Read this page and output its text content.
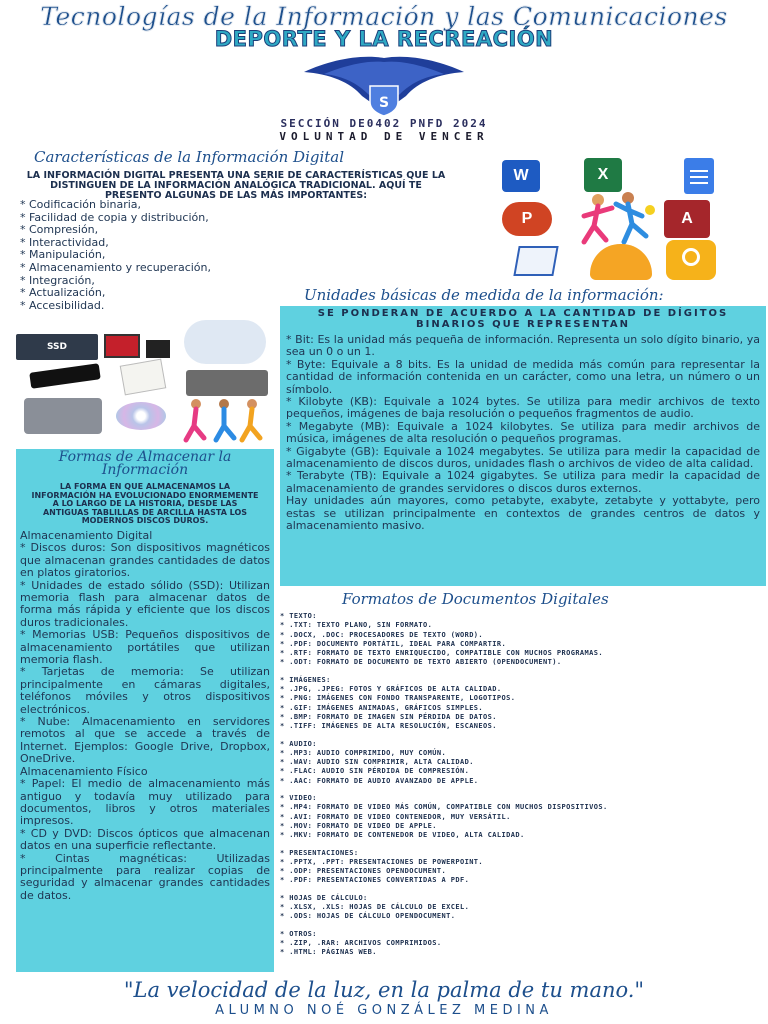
Tecnologías de la Información y las Comunicaciones
DEPORTE Y LA RECREACIÓN
S
SECCIÓN DE0402 PNFD 2024
VOLUNTAD DE VENCER
Características de la Información Digital
LA INFORMACIÓN DIGITAL PRESENTA UNA SERIE DE CARACTERÍSTICAS QUE LA DISTINGUEN DE LA INFORMACIÓN ANALÓGICA TRADICIONAL. AQUÍ TE PRESENTO ALGUNAS DE LAS MÁS IMPORTANTES:
* Codificación binaria,
* Facilidad de copia y distribución,
* Compresión,
* Interactividad,
* Manipulación,
* Almacenamiento y recuperación,
* Integración,
* Actualización,
* Accesibilidad.
W	X
P	A
SSD
Unidades básicas de medida de la información:
SE PONDERAN DE ACUERDO A LA CANTIDAD DE DÍGITOS BINARIOS QUE REPRESENTAN

* Bit: Es la unidad más pequeña de información. Representa un solo dígito binario, ya sea un 0 o un 1.

* Byte: Equivale a 8 bits. Es la unidad de medida más común para representar la cantidad de información contenida en un carácter, como una letra, un número o un símbolo.

* Kilobyte (KB): Equivale a 1024 bytes. Se utiliza para medir archivos de texto pequeños, imágenes de baja resolución o pequeños fragmentos de audio.

* Megabyte (MB): Equivale a 1024 kilobytes. Se utiliza para medir archivos de música, imágenes de alta resolución o pequeños programas.

* Gigabyte (GB): Equivale a 1024 megabytes. Se utiliza para medir la capacidad de almacenamiento de discos duros, unidades flash o archivos de video de alta calidad.

* Terabyte (TB): Equivale a 1024 gigabytes. Se utiliza para medir la capacidad de almacenamiento de grandes servidores o discos duros externos.

Hay unidades aún mayores, como petabyte, exabyte, zetabyte y yottabyte, pero estas se utilizan principalmente en contextos de grandes centros de datos y almacenamiento masivo.

Formas de Almacenar la Información
LA FORMA EN QUE ALMACENAMOS LA INFORMACIÓN HA EVOLUCIONADO ENORMEMENTE A LO LARGO DE LA HISTORIA, DESDE LAS ANTIGUAS TABLILLAS DE ARCILLA HASTA LOS MODERNOS DISCOS DUROS.

Almacenamiento Digital

* Discos duros: Son dispositivos magnéticos que almacenan grandes cantidades de datos en platos giratorios.

* Unidades de estado sólido (SSD): Utilizan memoria flash para almacenar datos de forma más rápida y eficiente que los discos duros tradicionales.

* Memorias USB: Pequeños dispositivos de almacenamiento portátiles que utilizan memoria flash.

* Tarjetas de memoria: Se utilizan principalmente en cámaras digitales, teléfonos móviles y otros dispositivos electrónicos.

* Nube: Almacenamiento en servidores remotos al que se accede a través de Internet. Ejemplos: Google Drive, Dropbox, OneDrive.

Almacenamiento Físico

* Papel: El medio de almacenamiento más antiguo y todavía muy utilizado para documentos, libros y otros materiales impresos.

* CD y DVD: Discos ópticos que almacenan datos en una superficie reflectante.

* Cintas magnéticas: Utilizadas principalmente para realizar copias de seguridad y almacenar grandes cantidades de datos.

Formatos de Documentos Digitales
* TEXTO:
* .TXT: TEXTO PLANO, SIN FORMATO.
* .DOCX, .DOC: PROCESADORES DE TEXTO (WORD).
* .PDF: DOCUMENTO PORTÁTIL, IDEAL PARA COMPARTIR.
* .RTF: FORMATO DE TEXTO ENRIQUECIDO, COMPATIBLE CON MUCHOS PROGRAMAS.
* .ODT: FORMATO DE DOCUMENTO DE TEXTO ABIERTO (OPENDOCUMENT).
* IMÁGENES:
* .JPG, .JPEG: FOTOS Y GRÁFICOS DE ALTA CALIDAD.
* .PNG: IMÁGENES CON FONDO TRANSPARENTE, LOGOTIPOS.
* .GIF: IMÁGENES ANIMADAS, GRÁFICOS SIMPLES.
* .BMP: FORMATO DE IMAGEN SIN PÉRDIDA DE DATOS.
* .TIFF: IMÁGENES DE ALTA RESOLUCIÓN, ESCANEOS.
* AUDIO:
* .MP3: AUDIO COMPRIMIDO, MUY COMÚN.
* .WAV: AUDIO SIN COMPRIMIR, ALTA CALIDAD.
* .FLAC: AUDIO SIN PÉRDIDA DE COMPRESIÓN.
* .AAC: FORMATO DE AUDIO AVANZADO DE APPLE.
* VIDEO:
* .MP4: FORMATO DE VIDEO MÁS COMÚN, COMPATIBLE CON MUCHOS DISPOSITIVOS.
* .AVI: FORMATO DE VIDEO CONTENEDOR, MUY VERSÁTIL.
* .MOV: FORMATO DE VIDEO DE APPLE.
* .MKV: FORMATO DE CONTENEDOR DE VIDEO, ALTA CALIDAD.
* PRESENTACIONES:
* .PPTX, .PPT: PRESENTACIONES DE POWERPOINT.
* .ODP: PRESENTACIONES OPENDOCUMENT.
* .PDF: PRESENTACIONES CONVERTIDAS A PDF.
* HOJAS DE CÁLCULO:
* .XLSX, .XLS: HOJAS DE CÁLCULO DE EXCEL.
* .ODS: HOJAS DE CÁLCULO OPENDOCUMENT.
* OTROS:
* .ZIP, .RAR: ARCHIVOS COMPRIMIDOS.
* .HTML: PÁGINAS WEB.
"La velocidad de la luz, en la palma de tu mano."
ALUMNO NOÉ GONZÁLEZ MEDINA
